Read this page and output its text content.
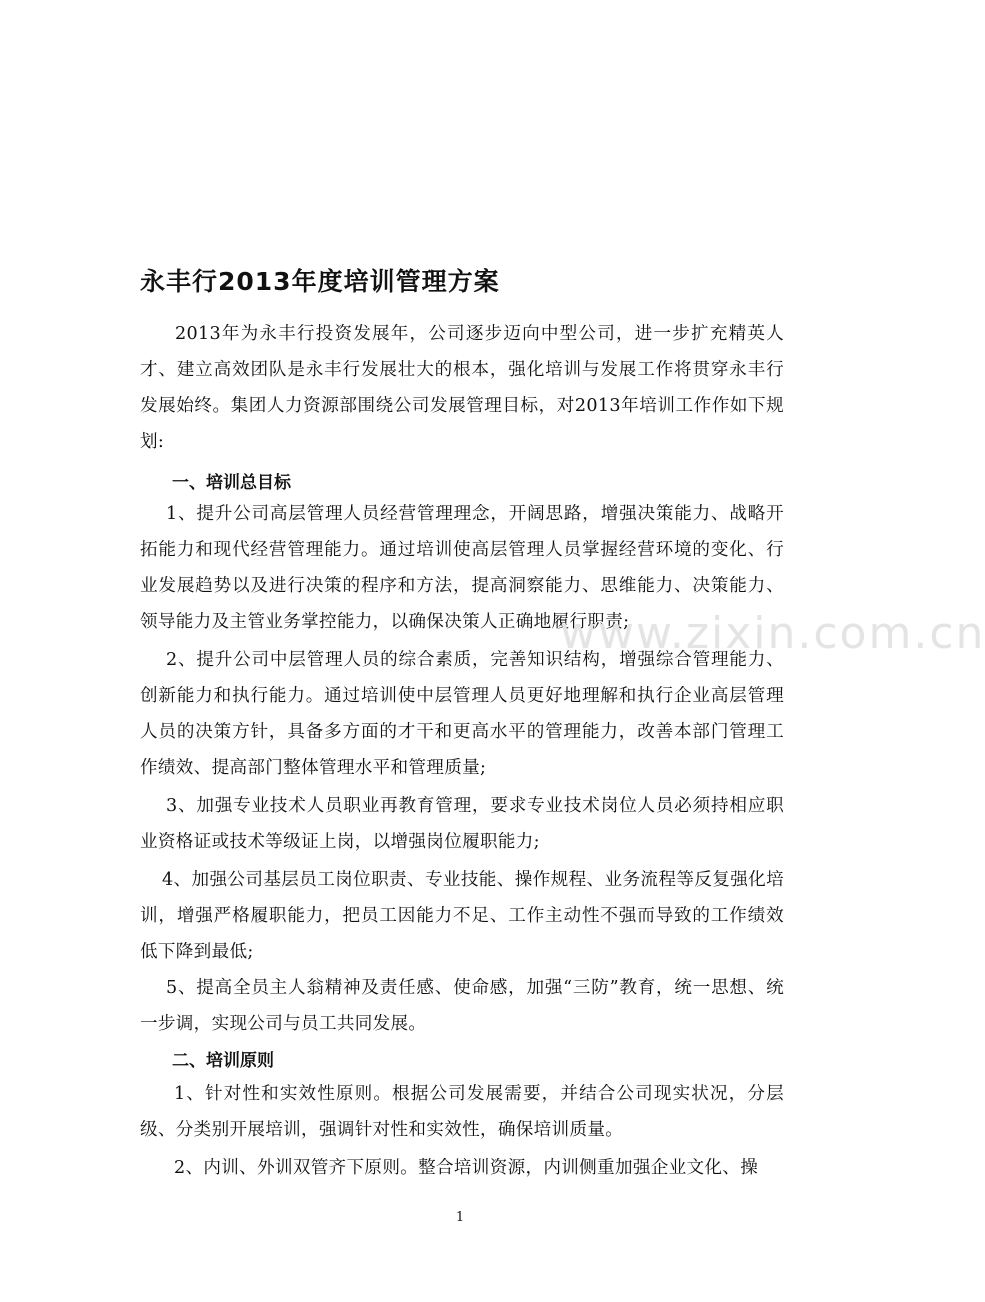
永丰行2013年度培训管理方案

2013年为永丰行投资发展年，公司逐步迈向中型公司，进一步扩充精英人才、建立高效团队是永丰行发展壮大的根本，强化培训与发展工作将贯穿永丰行发展始终。集团人力资源部围绕公司发展管理目标，对2013年培训工作作如下规划:

一、培训总目标

1、提升公司高层管理人员经营管理理念，开阔思路，增强决策能力、战略开拓能力和现代经营管理能力。通过培训使高层管理人员掌握经营环境的变化、行业发展趋势以及进行决策的程序和方法，提高洞察能力、思维能力、决策能力、领导能力及主管业务掌控能力，以确保决策人正确地履行职责;

2、提升公司中层管理人员的综合素质，完善知识结构，增强综合管理能力、创新能力和执行能力。通过培训使中层管理人员更好地理解和执行企业高层管理人员的决策方针，具备多方面的才干和更高水平的管理能力，改善本部门管理工作绩效、提高部门整体管理水平和管理质量;

3、加强专业技术人员职业再教育管理，要求专业技术岗位人员必须持相应职业资格证或技术等级证上岗，以增强岗位履职能力;

4、加强公司基层员工岗位职责、专业技能、操作规程、业务流程等反复强化培训，增强严格履职能力，把员工因能力不足、工作主动性不强而导致的工作绩效低下降到最低;

5、提高全员主人翁精神及责任感、使命感，加强“三防”教育，统一思想、统一步调，实现公司与员工共同发展。

二、培训原则

1、针对性和实效性原则。根据公司发展需要，并结合公司现实状况，分层级、分类别开展培训，强调针对性和实效性，确保培训质量。

2、内训、外训双管齐下原则。整合培训资源，内训侧重加强企业文化、操

www.zixin.com.cn
1
